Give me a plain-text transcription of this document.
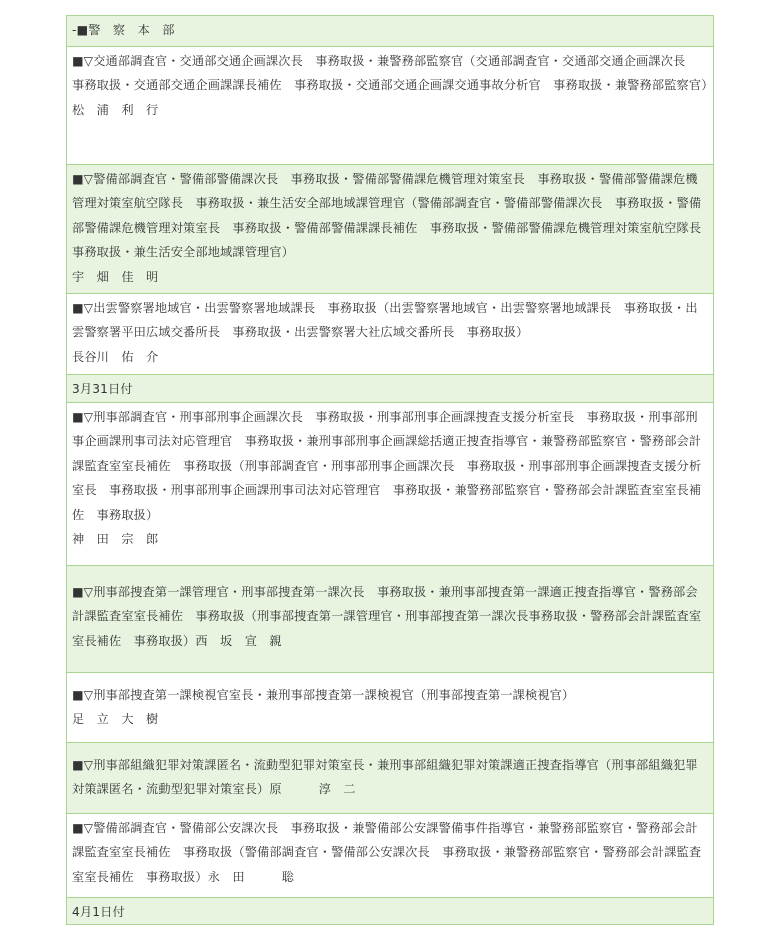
-■警　察　本　部

■▽交通部調査官・交通部交通企画課次長　事務取扱・兼警務部監察官（交通部調査官・交通部交通企画課次長　事務取扱・交通部交通企画課課長補佐　事務取扱・交通部交通企画課交通事故分析官　事務取扱・兼警務部監察官）松　浦　利　行

■▽警備部調査官・警備部警備課次長　事務取扱・警備部警備課危機管理対策室長　事務取扱・警備部警備課危機管理対策室航空隊長　事務取扱・兼生活安全部地域課管理官（警備部調査官・警備部警備課次長　事務取扱・警備部警備課危機管理対策室長　事務取扱・警備部警備課課長補佐　事務取扱・警備部警備課危機管理対策室航空隊長　事務取扱・兼生活安全部地域課管理官）

宇　畑　佳　明

■▽出雲警察署地域官・出雲警察署地域課長　事務取扱（出雲警察署地域官・出雲警察署地域課長　事務取扱・出雲警察署平田広域交番所長　事務取扱・出雲警察署大社広域交番所長　事務取扱）

長谷川　佑　介

3月31日付

■▽刑事部調査官・刑事部刑事企画課次長　事務取扱・刑事部刑事企画課捜査支援分析室長　事務取扱・刑事部刑事企画課刑事司法対応管理官　事務取扱・兼刑事部刑事企画課総括適正捜査指導官・兼警務部監察官・警務部会計課監査室室長補佐　事務取扱（刑事部調査官・刑事部刑事企画課次長　事務取扱・刑事部刑事企画課捜査支援分析室長　事務取扱・刑事部刑事企画課刑事司法対応管理官　事務取扱・兼警務部監察官・警務部会計課監査室室長補佐　事務取扱）

神　田　宗　郎

■▽刑事部捜査第一課管理官・刑事部捜査第一課次長　事務取扱・兼刑事部捜査第一課適正捜査指導官・警務部会計課監査室室長補佐　事務取扱（刑事部捜査第一課管理官・刑事部捜査第一課次長事務取扱・警務部会計課監査室室長補佐　事務取扱）西　坂　宣　親

■▽刑事部捜査第一課検視官室長・兼刑事部捜査第一課検視官（刑事部捜査第一課検視官）

足　立　大　樹

■▽刑事部組織犯罪対策課匿名・流動型犯罪対策室長・兼刑事部組織犯罪対策課適正捜査指導官（刑事部組織犯罪対策課匿名・流動型犯罪対策室長）原　　　淳　二

■▽警備部調査官・警備部公安課次長　事務取扱・兼警備部公安課警備事件指導官・兼警務部監察官・警務部会計課監査室室長補佐　事務取扱（警備部調査官・警備部公安課次長　事務取扱・兼警務部監察官・警務部会計課監査室室長補佐　事務取扱）永　田　　　聡

4月1日付
